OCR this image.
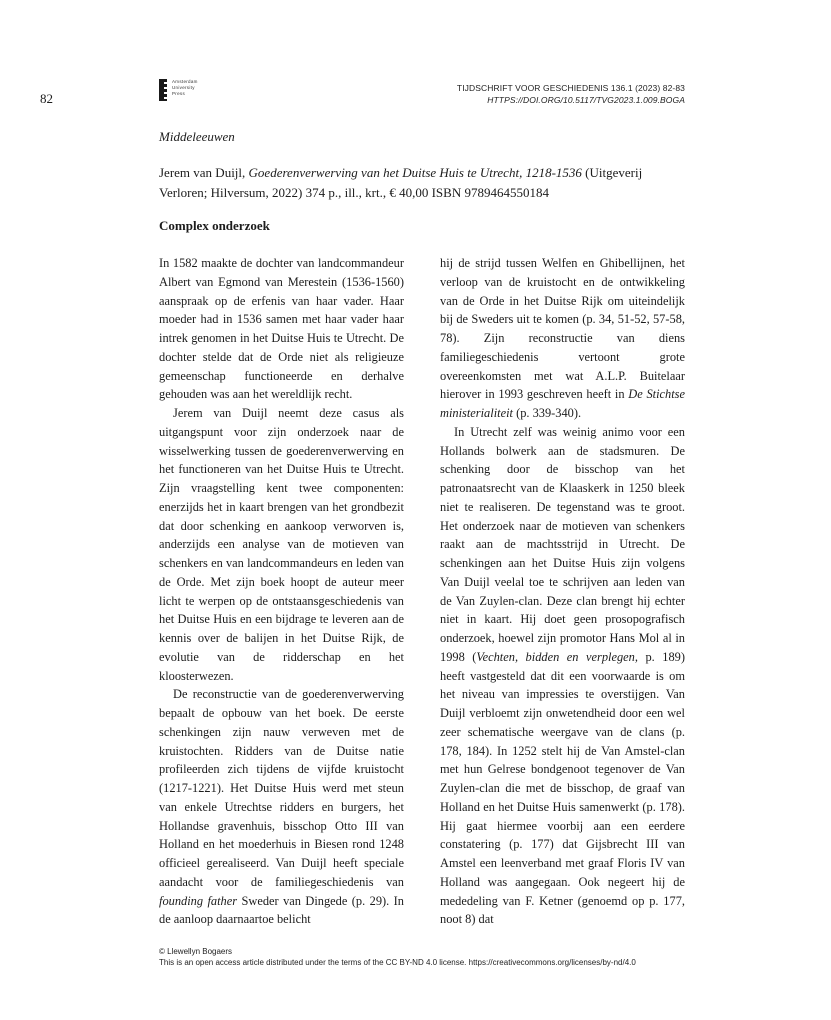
82
Amsterdam
University
Press
TIJDSCHRIFT VOOR GESCHIEDENIS 136.1 (2023) 82-83
HTTPS://DOI.ORG/10.5117/TVG2023.1.009.BOGA
Middeleeuwen
Jerem van Duijl, Goederenverwerving van het Duitse Huis te Utrecht, 1218-1536 (Uitgeverij Verloren; Hilversum, 2022) 374 p., ill., krt., € 40,00 ISBN 9789464550184
Complex onderzoek

In 1582 maakte de dochter van landcommandeur Albert van Egmond van Merestein (1536-1560) aanspraak op de erfenis van haar vader. Haar moeder had in 1536 samen met haar vader haar intrek genomen in het Duitse Huis te Utrecht. De dochter stelde dat de Orde niet als religieuze gemeenschap functioneerde en derhalve gehouden was aan het wereldlijk recht.

Jerem van Duijl neemt deze casus als uitgangspunt voor zijn onderzoek naar de wisselwerking tussen de goederenverwerving en het functioneren van het Duitse Huis te Utrecht. Zijn vraagstelling kent twee componenten: enerzijds het in kaart brengen van het grondbezit dat door schenking en aankoop verworven is, anderzijds een analyse van de motieven van schenkers en van landcommandeurs en leden van de Orde. Met zijn boek hoopt de auteur meer licht te werpen op de ontstaansgeschiedenis van het Duitse Huis en een bijdrage te leveren aan de kennis over de balijen in het Duitse Rijk, de evolutie van de ridderschap en het kloosterwezen.

De reconstructie van de goederenverwerving bepaalt de opbouw van het boek. De eerste schenkingen zijn nauw verweven met de kruistochten. Ridders van de Duitse natie profileerden zich tijdens de vijfde kruistocht (1217-1221). Het Duitse Huis werd met steun van enkele Utrechtse ridders en burgers, het Hollandse gravenhuis, bisschop Otto III van Holland en het moederhuis in Biesen rond 1248 officieel gerealiseerd. Van Duijl heeft speciale aandacht voor de familiegeschiedenis van founding father Sweder van Dingede (p. 29). In de aanloop daarnaartoe belicht

hij de strijd tussen Welfen en Ghibellijnen, het verloop van de kruistocht en de ontwikkeling van de Orde in het Duitse Rijk om uiteindelijk bij de Sweders uit te komen (p. 34, 51-52, 57-58, 78). Zijn reconstructie van diens familiegeschiedenis vertoont grote overeenkomsten met wat A.L.P. Buitelaar hierover in 1993 geschreven heeft in De Stichtse ministerialiteit (p. 339-340).

In Utrecht zelf was weinig animo voor een Hollands bolwerk aan de stadsmuren. De schenking door de bisschop van het patronaatsrecht van de Klaaskerk in 1250 bleek niet te realiseren. De tegenstand was te groot. Het onderzoek naar de motieven van schenkers raakt aan de machtsstrijd in Utrecht. De schenkingen aan het Duitse Huis zijn volgens Van Duijl veelal toe te schrijven aan leden van de Van Zuylen-clan. Deze clan brengt hij echter niet in kaart. Hij doet geen prosopografisch onderzoek, hoewel zijn promotor Hans Mol al in 1998 (Vechten, bidden en verplegen, p. 189) heeft vastgesteld dat dit een voorwaarde is om het niveau van impressies te overstijgen. Van Duijl verbloemt zijn onwetendheid door een wel zeer schematische weergave van de clans (p. 178, 184). In 1252 stelt hij de Van Amstel-clan met hun Gelrese bondgenoot tegenover de Van Zuylen-clan die met de bisschop, de graaf van Holland en het Duitse Huis samenwerkt (p. 178). Hij gaat hiermee voorbij aan een eerdere constatering (p. 177) dat Gijsbrecht III van Amstel een leenverband met graaf Floris IV van Holland was aangegaan. Ook negeert hij de mededeling van F. Ketner (genoemd op p. 177, noot 8) dat

© Llewellyn Bogaers
This is an open access article distributed under the terms of the CC BY-ND 4.0 license. https://creativecommons.org/licenses/by-nd/4.0
